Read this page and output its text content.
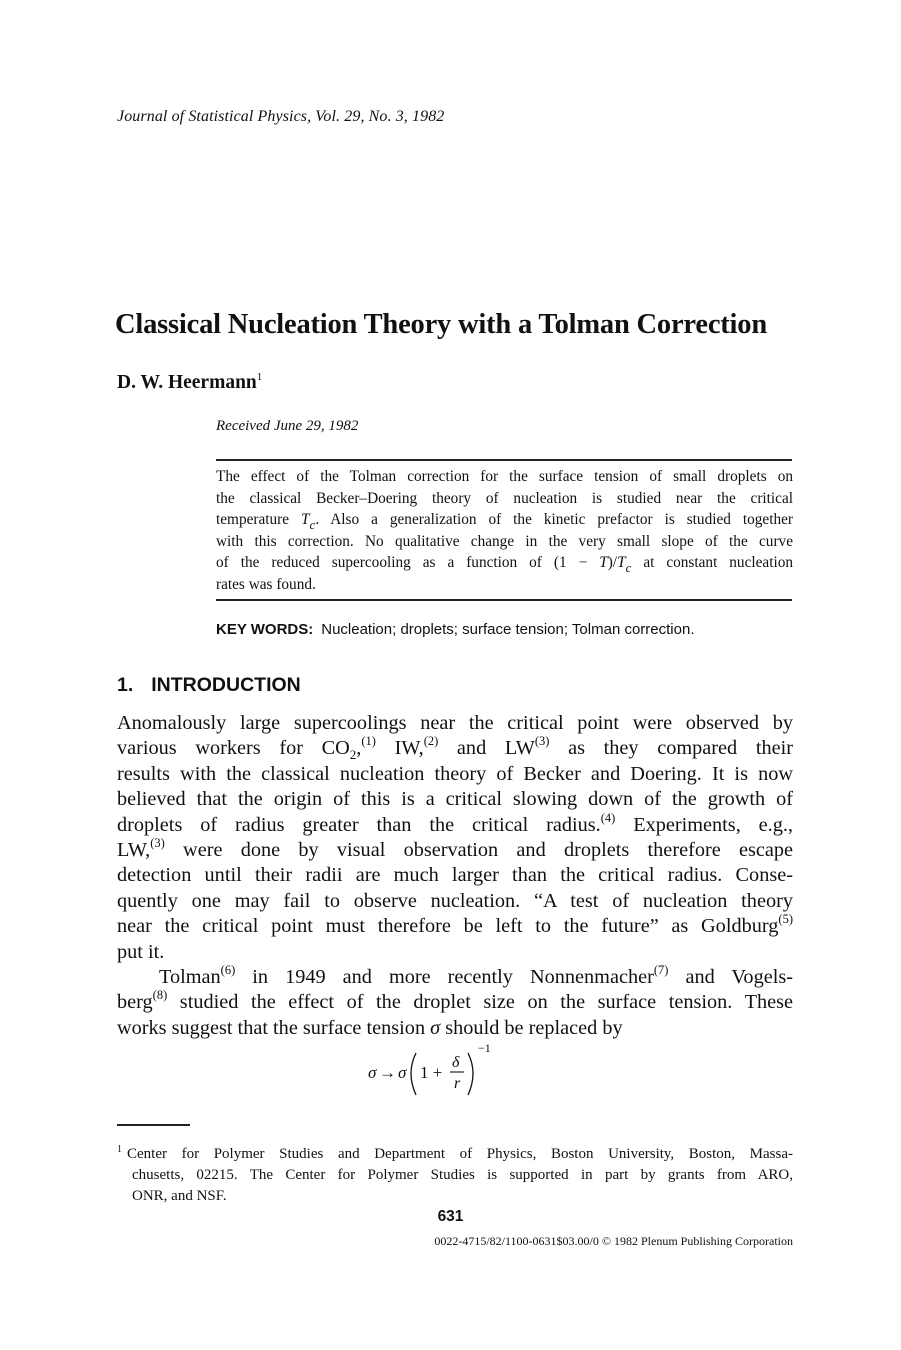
Journal of Statistical Physics, Vol. 29, No. 3, 1982
Classical Nucleation Theory with a Tolman Correction
D. W. Heermann$^1$
Received June 29, 1982
The effect of the Tolman correction for the surface tension of small droplets on
the classical Becker–Doering theory of nucleation is studied near the critical
temperature $T_c$. Also a generalization of the kinetic prefactor is studied together
with this correction. No qualitative change in the very small slope of the curve
of the reduced supercooling as a function of $(1 - T)/T_c$ at constant nucleation
rates was found.
KEY WORDS: Nucleation; droplets; surface tension; Tolman correction.
1. INTRODUCTION
Anomalously large supercoolings near the critical point were observed by
various workers for $CO_2,^{(1)}$ IW,$^{(2)}$ and LW$^{(3)}$ as they compared their
results with the classical nucleation theory of Becker and Doering. It is now
believed that the origin of this is a critical slowing down of the growth of
droplets of radius greater than the critical radius.$^{(4)}$ Experiments, e.g.,
LW,$^{(3)}$ were done by visual observation and droplets therefore escape
detection until their radii are much larger than the critical radius. Conse-
quently one may fail to observe nucleation. “A test of nucleation theory
near the critical point must therefore be left to the future” as Goldburg$^{(5)}$
put it.
Tolman$^{(6)}$ in 1949 and more recently Nonnenmacher$^{(7)}$ and Vogels-
berg$^{(8)}$ studied the effect of the droplet size on the surface tension. These
works suggest that the surface tension σ should be replaced by
σ → σ 1 +
δ
r
−1
$^1$ Center for Polymer Studies and Department of Physics, Boston University, Boston, Massa-
chusetts, 02215. The Center for Polymer Studies is supported in part by grants from ARO,
ONR, and NSF.
631
0022-4715/82/1100-0631$03.00/0 © 1982 Plenum Publishing Corporation
